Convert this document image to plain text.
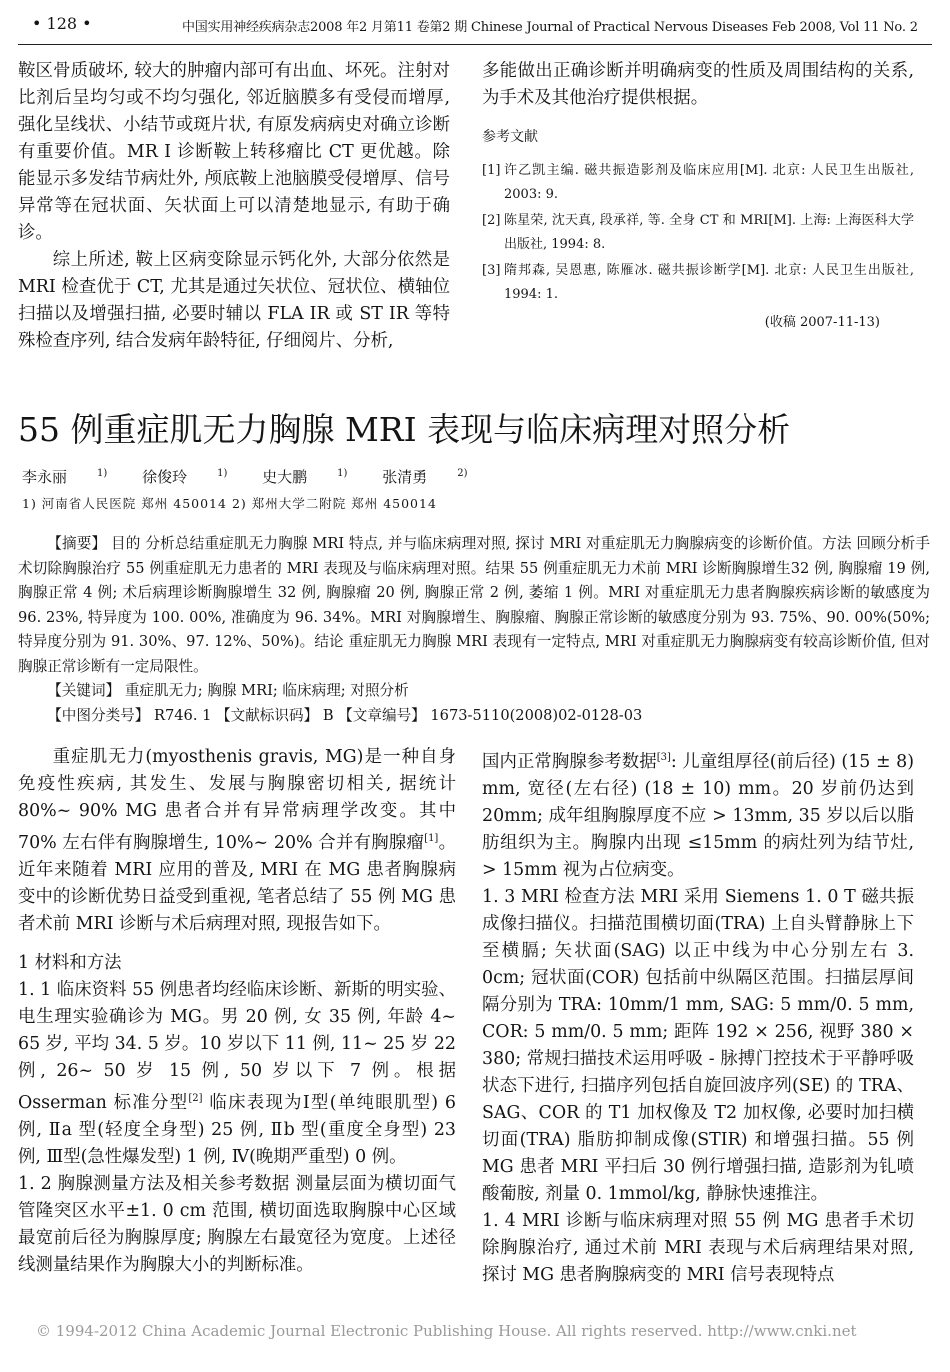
• 128 •	中国实用神经疾病杂志2008 年2 月第11 卷第2 期 Chinese Journal of Practical Nervous Diseases Feb 2008, Vol 11 No. 2

鞍区骨质破坏, 较大的肿瘤内部可有出血、坏死。注射对比剂后呈均匀或不均匀强化, 邻近脑膜多有受侵而增厚, 强化呈线状、小结节或斑片状, 有原发病病史对确立诊断有重要价值。MR I 诊断鞍上转移瘤比 CT 更优越。除能显示多发结节病灶外, 颅底鞍上池脑膜受侵增厚、信号异常等在冠状面、矢状面上可以清楚地显示, 有助于确诊。

综上所述, 鞍上区病变除显示钙化外, 大部分依然是 MRI 检查优于 CT, 尤其是通过矢状位、冠状位、横轴位扫描以及增强扫描, 必要时辅以 FLA IR 或 ST IR 等特殊检查序列, 结合发病年龄特征, 仔细阅片、分析,

多能做出正确诊断并明确病变的性质及周围结构的关系, 为手术及其他治疗提供根据。

参考文献

[1] 许乙凯主编. 磁共振造影剂及临床应用[M]. 北京: 人民卫生出版社, 2003: 9.
[2] 陈星荣, 沈天真, 段承祥, 等. 全身 CT 和 MRI[M]. 上海: 上海医科大学出版社, 1994: 8.
[3] 隋邦森, 吴恩惠, 陈雁冰. 磁共振诊断学[M]. 北京: 人民卫生出版社, 1994: 1.

(收稿 2007-11-13)

55 例重症肌无力胸腺 MRI 表现与临床病理对照分析
李永丽	$^{1)}$ 徐俊玲	$^{1)}$ 史大鹏	$^{1)}$ 张清勇	$^{2)}$
1) 河南省人民医院 郑州 450014 2) 郑州大学二附院 郑州 450014

【摘要】 目的 分析总结重症肌无力胸腺 MRI 特点, 并与临床病理对照, 探讨 MRI 对重症肌无力胸腺病变的诊断价值。方法 回顾分析手术切除胸腺治疗 55 例重症肌无力患者的 MRI 表现及与临床病理对照。结果 55 例重症肌无力术前 MRI 诊断胸腺增生32 例, 胸腺瘤 19 例, 胸腺正常 4 例; 术后病理诊断胸腺增生 32 例, 胸腺瘤 20 例, 胸腺正常 2 例, 萎缩 1 例。MRI 对重症肌无力患者胸腺疾病诊断的敏感度为 96. 23%, 特异度为 100. 00%, 准确度为 96. 34%。MRI 对胸腺增生、胸腺瘤、胸腺正常诊断的敏感度分别为 93. 75%、90. 00%(50%; 特异度分别为 91. 30%、97. 12%、50%)。结论 重症肌无力胸腺 MRI 表现有一定特点, MRI 对重症肌无力胸腺病变有较高诊断价值, 但对胸腺正常诊断有一定局限性。

【关键词】 重症肌无力; 胸腺 MRI; 临床病理; 对照分析

【中图分类号】 R746. 1 【文献标识码】 B 【文章编号】 1673-5110(2008)02-0128-03

重症肌无力(myosthenis gravis, MG)是一种自身免疫性疾病, 其发生、发展与胸腺密切相关, 据统计 80%~ 90% MG 患者合并有异常病理学改变。其中 70% 左右伴有胸腺增生, 10%~ 20% 合并有胸腺瘤[1]。近年来随着 MRI 应用的普及, MRI 在 MG 患者胸腺病变中的诊断优势日益受到重视, 笔者总结了 55 例 MG 患者术前 MRI 诊断与术后病理对照, 现报告如下。

1 材料和方法

1. 1 临床资料 55 例患者均经临床诊断、新斯的明实验、电生理实验确诊为 MG。男 20 例, 女 35 例, 年龄 4~ 65 岁, 平均 34. 5 岁。10 岁以下 11 例, 11~ 25 岁 22 例, 26~ 50 岁 15 例, 50 岁以下 7 例。根据 Osserman 标准分型[2] 临床表现为Ⅰ型(单纯眼肌型) 6 例, Ⅱa 型(轻度全身型) 25 例, Ⅱb 型(重度全身型) 23 例, Ⅲ型(急性爆发型) 1 例, Ⅳ(晚期严重型) 0 例。

1. 2 胸腺测量方法及相关参考数据 测量层面为横切面气管隆突区水平±1. 0 cm 范围, 横切面选取胸腺中心区域最宽前后径为胸腺厚度; 胸腺左右最宽径为宽度。上述径线测量结果作为胸腺大小的判断标准。

国内正常胸腺参考数据[3]: 儿童组厚径(前后径) (15 ± 8) mm, 宽径(左右径) (18 ± 10) mm。20 岁前仍达到 20mm; 成年组胸腺厚度不应 > 13mm, 35 岁以后以脂肪组织为主。胸腺内出现 ≤15mm 的病灶列为结节灶, > 15mm 视为占位病变。

1. 3 MRI 检查方法 MRI 采用 Siemens 1. 0 T 磁共振成像扫描仪。扫描范围横切面(TRA) 上自头臂静脉上下至横膈; 矢状面(SAG) 以正中线为中心分别左右 3. 0cm; 冠状面(COR) 包括前中纵隔区范围。扫描层厚间隔分别为 TRA: 10mm/1 mm, SAG: 5 mm/0. 5 mm, COR: 5 mm/0. 5 mm; 距阵 192 × 256, 视野 380 × 380; 常规扫描技术运用呼吸 - 脉搏门控技术于平静呼吸状态下进行, 扫描序列包括自旋回波序列(SE) 的 TRA、SAG、COR 的 T1 加权像及 T2 加权像, 必要时加扫横切面(TRA) 脂肪抑制成像(STIR) 和增强扫描。55 例 MG 患者 MRI 平扫后 30 例行增强扫描, 造影剂为钆喷酸葡胺, 剂量 0. 1mmol/kg, 静脉快速推注。

1. 4 MRI 诊断与临床病理对照 55 例 MG 患者手术切除胸腺治疗, 通过术前 MRI 表现与术后病理结果对照, 探讨 MG 患者胸腺病变的 MRI 信号表现特点

© 1994-2012 China Academic Journal Electronic Publishing House. All rights reserved. http://www.cnki.net
